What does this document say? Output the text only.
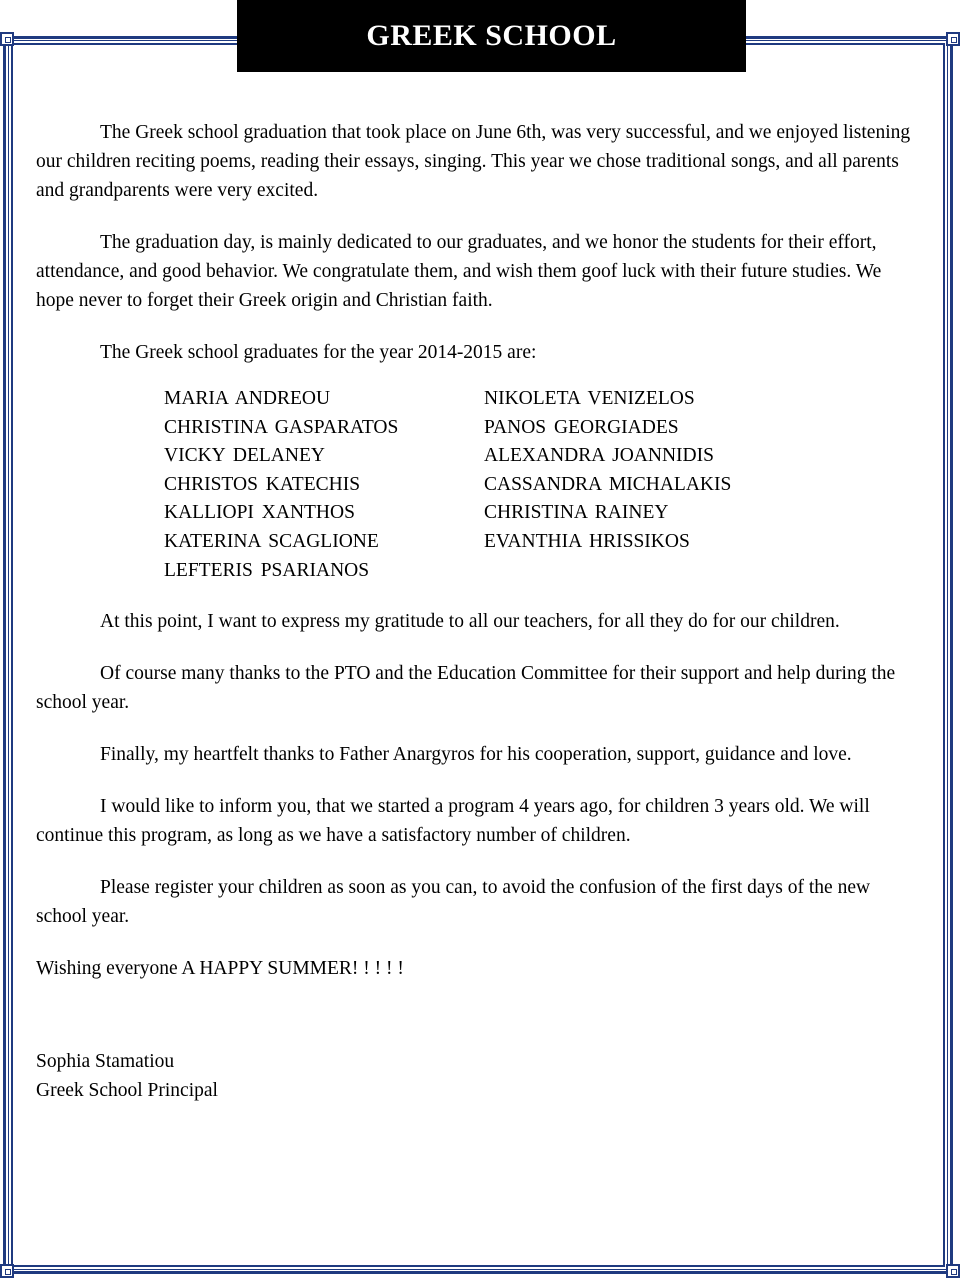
GREEK SCHOOL

The Greek school graduation that took place on June 6th, was very successful, and we enjoyed listening our children reciting poems, reading their essays, singing. This year we chose traditional songs, and all parents and grandparents were very excited.

The graduation day, is mainly dedicated to our graduates, and we honor the students for their effort, attendance, and good behavior. We congratulate them, and wish them goof luck with their future studies. We hope never to forget their Greek origin and Christian faith.

The Greek school graduates for the year 2014-2015 are:

MARIA ANDREOU
CHRISTINA GASPARATOS
VICKY DELANEY
CHRISTOS KATECHIS
KALLIOPI XANTHOS
KATERINA SCAGLIONE
LEFTERIS PSARIANOS
NIKOLETA VENIZELOS
PANOS GEORGIADES
ALEXANDRA JOANNIDIS
CASSANDRA MICHALAKIS
CHRISTINA RAINEY
EVANTHIA HRISSIKOS

At this point, I want to express my gratitude to all our teachers, for all they do for our children.

Of course many thanks to the PTO and the Education Committee for their support and help during the school year.

Finally, my heartfelt thanks to Father Anargyros for his cooperation, support, guidance and love.

I would like to inform you, that we started a program 4 years ago, for children 3 years old. We will continue this program, as long as we have a satisfactory number of children.

Please register your children as soon as you can, to avoid the confusion of the first days of the new school year.

Wishing everyone A HAPPY SUMMER! ! ! ! !

Sophia Stamatiou
Greek School Principal
